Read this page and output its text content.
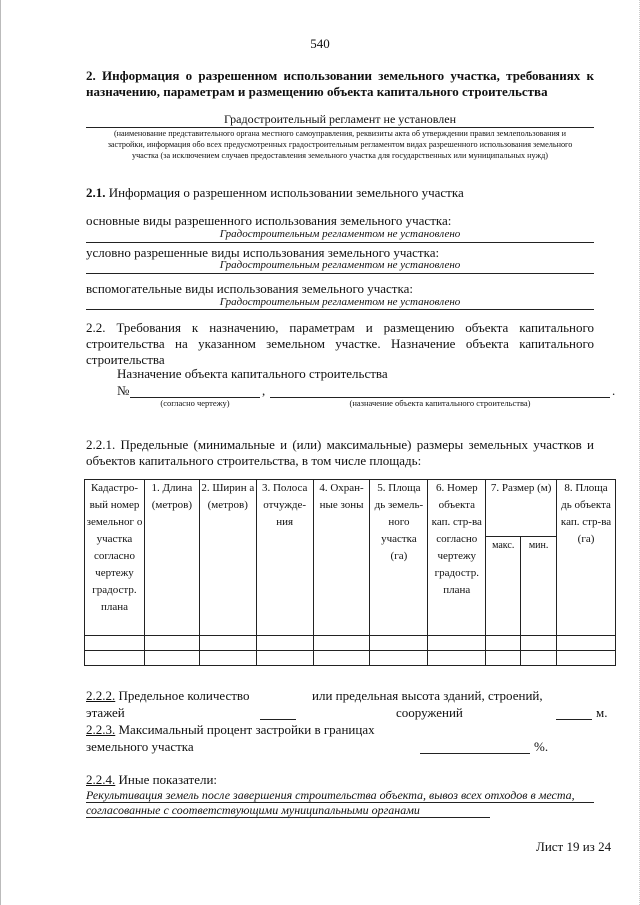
540
2. Информация о разрешенном использовании земельного участка, требованиях к назначению, параметрам и размещению объекта капитального строительства
Градостроительный регламент не установлен
(наименование представительного органа местного самоуправления, реквизиты акта об утверждении правил землепользования и застройки, информация обо всех предусмотренных градостроительным регламентом видах разрешенного использования земельного участка (за исключением случаев предоставления земельного участка для государственных или муниципальных нужд)
2.1. Информация о разрешенном использовании земельного участка
основные виды разрешенного использования земельного участка:
Градостроительным регламентом не установлено
условно разрешенные виды использования земельного участка:
Градостроительным регламентом не установлено
вспомогательные виды использования земельного участка:
Градостроительным регламентом не установлено
2.2. Требования к назначению, параметрам и размещению объекта капитального строительства на указанном земельном участке. Назначение объекта капитального строительства
Назначение объекта капитального строительства
№	,	.
(согласно чертежу)	(назначение объекта капитального строительства)
2.2.1. Предельные (минимальные и (или) максимальные) размеры земельных участков и объектов капитального строительства, в том числе площадь:
Кадастро-вый номер земельног о участка согласно чертежу градостр. плана	1. Длина (метров)	2. Ширин а (метров)	3. Полоса отчужде-ния	4. Охран-ные зоны	5. Площа дь земель-ного участка (га)	6. Номер объекта кап. стр-ва согласно чертежу градостр. плана	7. Размер (м)		8. Площа дь объекта кап. стр-ва (га)
							макс.	мин.	

2.2.2. Предельное количество	или предельная высота зданий, строений,
этажей	сооружений	м.
2.2.3. Максимальный процент застройки в границах
земельного участка	%.
2.2.4. Иные показатели:
Рекультивация земель после завершения строительства объекта, вывоз всех отходов в места, согласованные с соответствующими муниципальными органами
Лист 19 из 24
